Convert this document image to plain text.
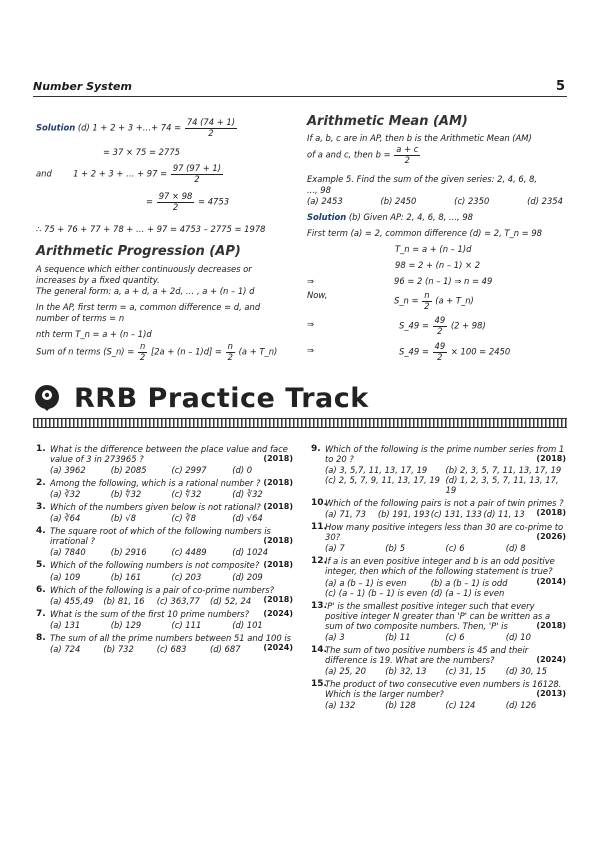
Number System	5
Solution (d) 1 + 2 + 3 +…+ $74 = \frac{74 (74 + 1)}{2}$
= 37 × 75 = 2775
and	1 + 2 + 3 + … + $97 = \frac{97 (97 + 1)}{2}$
= $\frac{97 \times 98}{2} = 4753$
∴ 75 + 76 + 77 + 78 + … + 97 = 4753 – 2775 = 1978
Arithmetic Progression (AP)
A sequence which either continuously decreases or
increases by a fixed quantity.
The general form: a, a + d, a + 2d, … , a + (n – 1) d
In the AP, first term = a, common difference = d, and
number of terms = n
nth term T_n = a + (n – 1)d
Sum of n terms (S_n) = $\frac{n}{2} [2a + (n - 1)d] = \frac{n}{2} (a$ + T_n)
Arithmetic Mean (AM)
If a, b, c are in AP, then b is the Arithmetic Mean (AM)
of a and c, then $b = \frac{a + c}{2}$
Example 5. Find the sum of the given series: 2, 4, 6, 8,
..., 98
(a) 2453	(b) 2450	(c) 2350	(d) 2354
Solution (b) Given AP: 2, 4, 6, 8, ..., 98
First term (a) = 2, common difference (d) = 2, T_n = 98
T_n = a + (n – 1)d
98 = 2 + (n – 1) × 2
⇒	96 = 2 (n – 1) ⇒ n = 49
Now,
S_n = $\frac{n}{2} (a$ + T_n)
⇒	S_49 = $\frac{49}{2} (2 + 98)$
⇒	S_49 = $\frac{49}{2} \times 100 = 2450$
RRB Practice Track
1. What is the difference between the place value and face value of 3 in 273965 ?	(2018)
(a) 3962	(b) 2085	(c) 2997	(d) 0
2. Among the following, which is a rational number ? (2018)
(a) ∛32	(b) ∜32	(c) ∜32	(d) ∛32
3. Which of the numbers given below is not rational? (2018)
(a) ∛64	(b) √8	(c) ∛8	(d) √64
4. The square root of which of the following numbers is irrational ?	(2018)
(a) 7840	(b) 2916	(c) 4489	(d) 1024
5. Which of the following numbers is not composite? (2018)
(a) 109	(b) 161	(c) 203	(d) 209
6. Which of the following is a pair of co-prime numbers?
(2018)
(a) 455,49	(b) 81, 16	(c) 363,77	(d) 52, 24
7. What is the sum of the first 10 prime numbers? (2024)
(a) 131	(b) 129	(c) 111	(d) 101
8. The sum of all the prime numbers between 51 and 100 is
(2024)
(a) 724	(b) 732	(c) 683	(d) 687
9. Which of the following is the prime number series from 1 to 20 ?	(2018)
(a) 3, 5,7, 11, 13, 17, 19	(b) 2, 3, 5, 7, 11, 13, 17, 19
(c) 2, 5, 7, 9, 11, 13, 17, 19 (d) 1, 2, 3, 5, 7, 11, 13, 17, 19
10.
Which of the following pairs is not a pair of twin primes ?
(2018)
(a) 71, 73	(b) 191, 193 (c) 131, 133 (d) 11, 13
11.
How many positive integers less than 30 are co-prime to 30?	(2026)
(a) 7	(b) 5	(c) 6	(d) 8
12.
If a is an even positive integer and b is an odd positive integer, then which of the following statement is true?
(2014)
(a) a (b – 1) is even	(b) a (b – 1) is odd
(c) (a – 1) (b – 1) is even (d) (a – 1) is even
13.
'P' is the smallest positive integer such that every positive integer N greater than 'P' can be written as a sum of two composite numbers. Then, 'P' is	(2018)
(a) 3	(b) 11	(c) 6	(d) 10
14.
The sum of two positive numbers is 45 and their difference is 19. What are the numbers?	(2024)
(a) 25, 20	(b) 32, 13	(c) 31, 15	(d) 30, 15
15.
The product of two consecutive even numbers is 16128. Which is the larger number?	(2013)
(a) 132	(b) 128	(c) 124	(d) 126
